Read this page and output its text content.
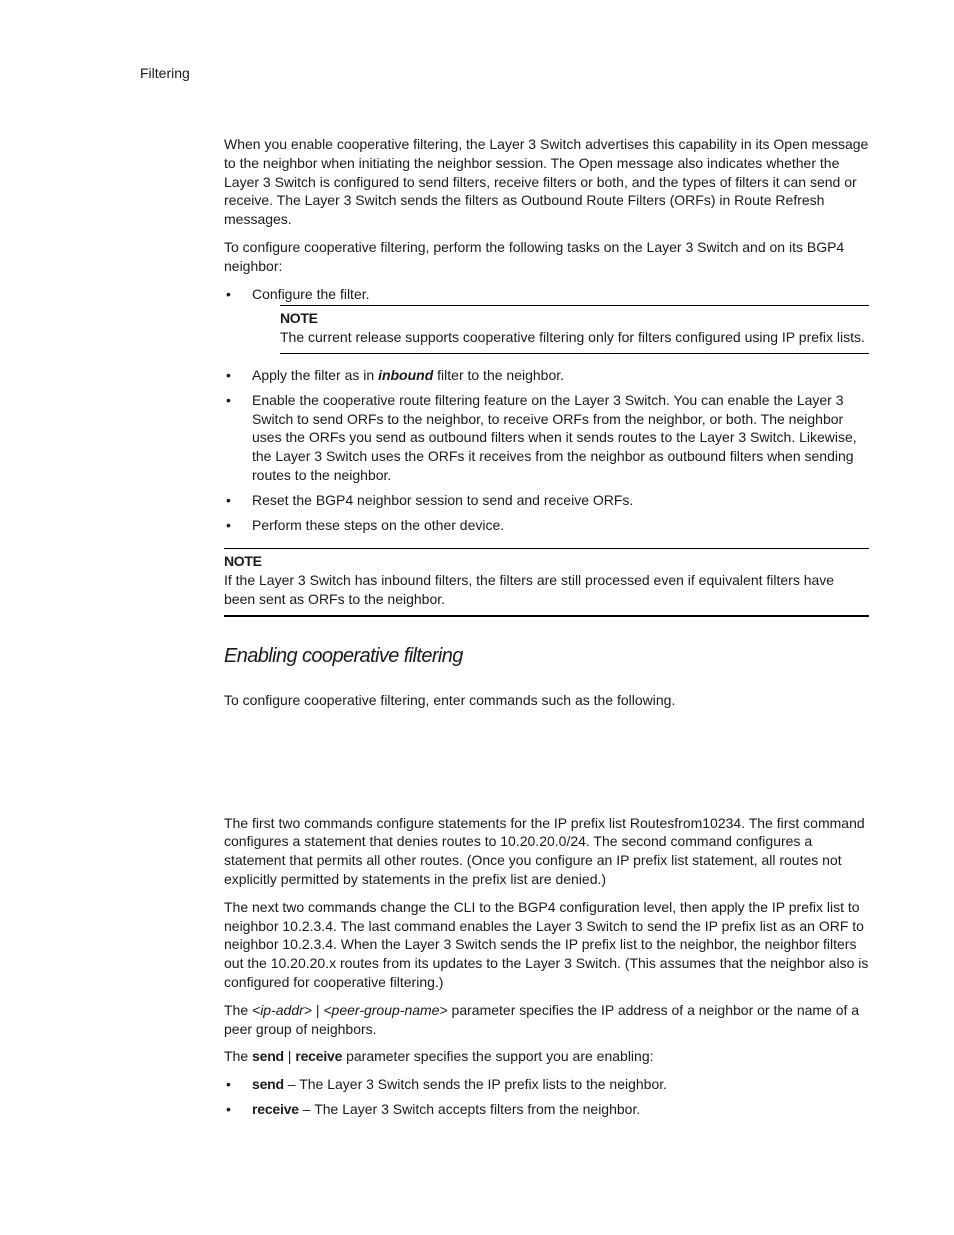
Filtering

When you enable cooperative filtering, the Layer 3 Switch advertises this capability in its Open message to the neighbor when initiating the neighbor session. The Open message also indicates whether the Layer 3 Switch is configured to send filters, receive filters or both, and the types of filters it can send or receive. The Layer 3 Switch sends the filters as Outbound Route Filters (ORFs) in Route Refresh messages.

To configure cooperative filtering, perform the following tasks on the Layer 3 Switch and on its BGP4 neighbor:

• Configure the filter.
NOTE
The current release supports cooperative filtering only for filters configured using IP prefix lists.
• Apply the filter as in inbound filter to the neighbor.
• Enable the cooperative route filtering feature on the Layer 3 Switch. You can enable the Layer 3 Switch to send ORFs to the neighbor, to receive ORFs from the neighbor, or both. The neighbor uses the ORFs you send as outbound filters when it sends routes to the Layer 3 Switch. Likewise, the Layer 3 Switch uses the ORFs it receives from the neighbor as outbound filters when sending routes to the neighbor.
• Reset the BGP4 neighbor session to send and receive ORFs.
• Perform these steps on the other device.
NOTE
If the Layer 3 Switch has inbound filters, the filters are still processed even if equivalent filters have been sent as ORFs to the neighbor.
Enabling cooperative filtering

To configure cooperative filtering, enter commands such as the following.

The first two commands configure statements for the IP prefix list Routesfrom10234. The first command configures a statement that denies routes to 10.20.20.0/24. The second command configures a statement that permits all other routes. (Once you configure an IP prefix list statement, all routes not explicitly permitted by statements in the prefix list are denied.)

The next two commands change the CLI to the BGP4 configuration level, then apply the IP prefix list to neighbor 10.2.3.4. The last command enables the Layer 3 Switch to send the IP prefix list as an ORF to neighbor 10.2.3.4. When the Layer 3 Switch sends the IP prefix list to the neighbor, the neighbor filters out the 10.20.20.x routes from its updates to the Layer 3 Switch. (This assumes that the neighbor also is configured for cooperative filtering.)

The <ip-addr> | <peer-group-name> parameter specifies the IP address of a neighbor or the name of a peer group of neighbors.

The send | receive parameter specifies the support you are enabling:

• send – The Layer 3 Switch sends the IP prefix lists to the neighbor.
• receive – The Layer 3 Switch accepts filters from the neighbor.
